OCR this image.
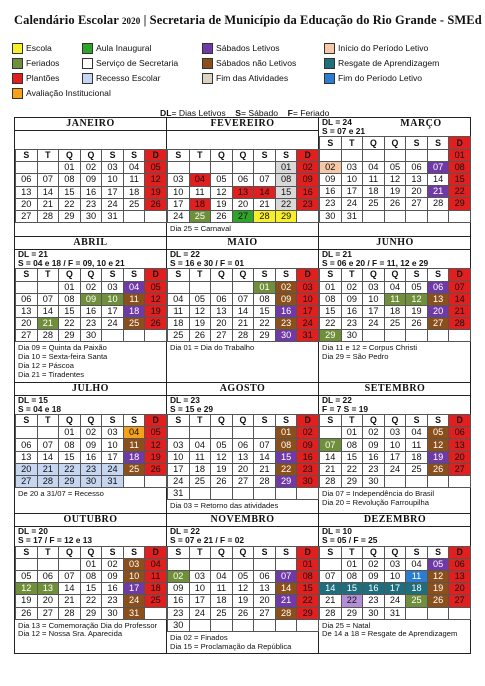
Calendário Escolar 2020 | Secretaria de Município da Educação do Rio Grande - SMEd
Escola	Aula Inaugural	Sábados Letivos	Início do Período Letivo
Feriados	Serviço de Secretaria	Sábados não Letivos	Resgate de Aprendizagem
Plantões	Recesso Escolar	Fim das Atividades	Fim do Período Letivo
Avaliação Institucional
DL= Dias Letivos S= Sábado F= Feriado
JANEIRO
S	T	Q	Q	S	S	D
		01	02	03	04	05
06	07	08	09	10	11	12
13	14	15	16	17	18	19
20	21	22	23	24	25	26
27	28	29	30	31		
FEVEREIRO
S	T	Q	Q	S	S	D
					01	02
03	04	05	06	07	08	09
10	11	12	13	14	15	16
17	18	19	20	21	22	23
24	25	26	27	28	29	
Dia 25 = Carnaval
DL = 24
S = 07 e 21
MARÇO
S	T	Q	Q	S	S	D
						01
02	03	04	05	06	07	08
09	10	11	12	13	14	15
16	17	18	19	20	21	22
23	24	25	26	27	28	29
30	31					
ABRIL
DL = 21
S = 04 e 18 / F = 09, 10 e 21
S	T	Q	Q	S	S	D
		01	02	03	04	05
06	07	08	09	10	11	12
13	14	15	16	17	18	19
20	21	22	23	24	25	26
27	28	29	30			
Dia 09 = Quinta da Paixão
Dia 10 = Sexta-feira Santa
Dia 12 = Páscoa
Dia 21 = Tiradentes
MAIO
DL = 22
S = 16 e 30 / F = 01
S	T	Q	Q	S	S	D
				01	02	03
04	05	06	07	08	09	10
11	12	13	14	15	16	17
18	19	20	21	22	23	24
25	26	27	28	29	30	31
Dia 01 = Dia do Trabalho
JUNHO
DL = 21
S = 06 e 20 / F = 11, 12 e 29
S	T	Q	Q	S	S	D
01	02	03	04	05	06	07
08	09	10	11	12	13	14
15	16	17	18	19	20	21
22	23	24	25	26	27	28
29	30					
Dia 11 e 12 = Corpus Christi
Dia 29 = São Pedro
JULHO
DL = 15
S = 04 e 18
S	T	Q	Q	S	S	D
		01	02	03	04	05
06	07	08	09	10	11	12
13	14	15	16	17	18	19
20	21	22	23	24	25	26
27	28	29	30	31		
De 20 a 31/07 = Recesso
AGOSTO
DL = 23
S = 15 e 29
S	T	Q	Q	S	S	D
					01	02
03	04	05	06	07	08	09
10	11	12	13	14	15	16
17	18	19	20	21	22	23
24	25	26	27	28	29	30
31						
Dia 03 = Retorno das atividades
SETEMBRO
DL = 22
F = 7 S = 19
S	T	Q	Q	S	S	D
	01	02	03	04	05	06
07	08	09	10	11	12	13
14	15	16	17	18	19	20
21	22	23	24	25	26	27
28	29	30				
Dia 07 = Independência do Brasil
Dia 20 = Revolução Farroupilha
OUTUBRO
DL = 20
S = 17 / F = 12 e 13
S	T	Q	Q	S	S	D
			01	02	03	04
05	06	07	08	09	10	11
12	13	14	15	16	17	18
19	20	21	22	23	24	25
26	27	28	29	30	31	
Dia 13 = Comemoração Dia do Professor
Dia 12 = Nossa Sra. Aparecida
NOVEMBRO
DL = 22
S = 07 e 21 / F = 02
S	T	Q	Q	S	S	D
						01
02	03	04	05	06	07	08
09	10	11	12	13	14	15
16	17	18	19	20	21	22
23	24	25	26	27	28	29
30						
Dia 02 = Finados
Dia 15 = Proclamação da República
DEZEMBRO
DL = 10
S = 05 / F = 25
S	T	Q	Q	S	S	D
	01	02	03	04	05	06
07	08	09	10	11	12	13
14	15	16	17	18	19	20
21	22	23	24	25	26	27
28	29	30	31			
Dia 25 = Natal
De 14 a 18 = Resgate de Aprendizagem
